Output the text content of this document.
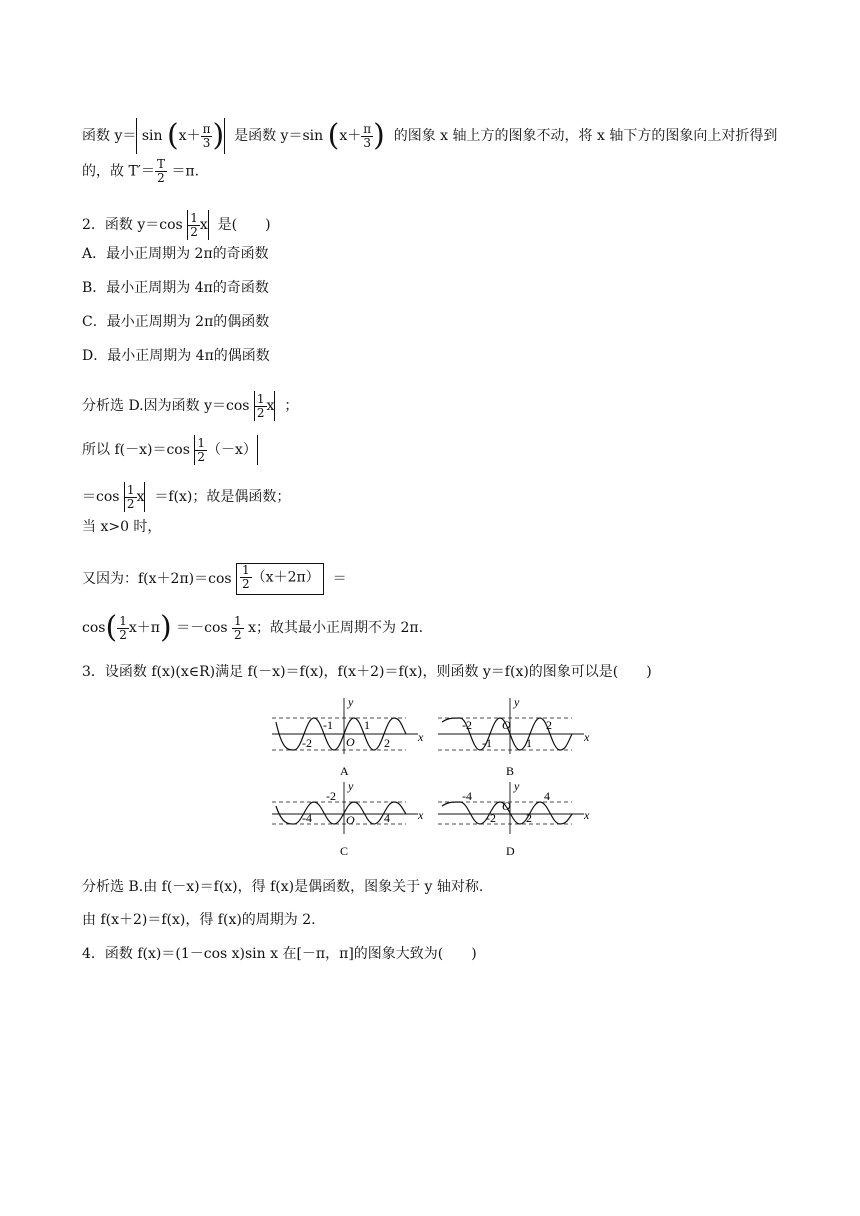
函数 $y= \sin (x+ \frac{\pi}{3}$ ) 是函数 y＝sin ($x+ \frac{\pi}{3}$ ) 的图象 x 轴上方的图象不动，将 x 轴下方的图象向上对折得到
的，故 $T'= \frac{T}{2} =\pi$.
2．函数 $y=\cos \frac{1}{2}$ x 是(　　)
A．最小正周期为 2π的奇函数
B．最小正周期为 4π的奇函数
C．最小正周期为 2π的偶函数
D．最小正周期为 4π的偶函数
分析选 D.因为函数 $y=\cos \frac{1}{2}$ x ；
所以 $f(-x)=\cos \frac{1}{2} (-x)$
$=\cos \frac{1}{2}$ x ＝f(x)；故是偶函数；
当 x>0 时，
又因为：$f(x+2\pi)=\cos \frac{1}{2} (x+2\pi)$ ＝
$\cos( \frac{1}{2} x+\pi) =-\cos \frac{1}{2}$ x；故其最小正周期不为 2π.
3．设函数 f(x)(x∈R)满足 f(－x)＝f(x)，f(x＋2)＝f(x)，则函数 y＝f(x)的图象可以是(　　)
y
x
O
-1	1
-2	2
A
y
x
O
-2	2
-1	1
B
y
x
O
-2
-4	4
C
y
x
O
-4	4
-2	2
D
分析选 B.由 f(－x)＝f(x)，得 f(x)是偶函数，图象关于 y 轴对称.
由 f(x＋2)＝f(x)，得 f(x)的周期为 2.
4．函数 f(x)＝(1－cos x)sin x 在[－π，π]的图象大致为(　　)
